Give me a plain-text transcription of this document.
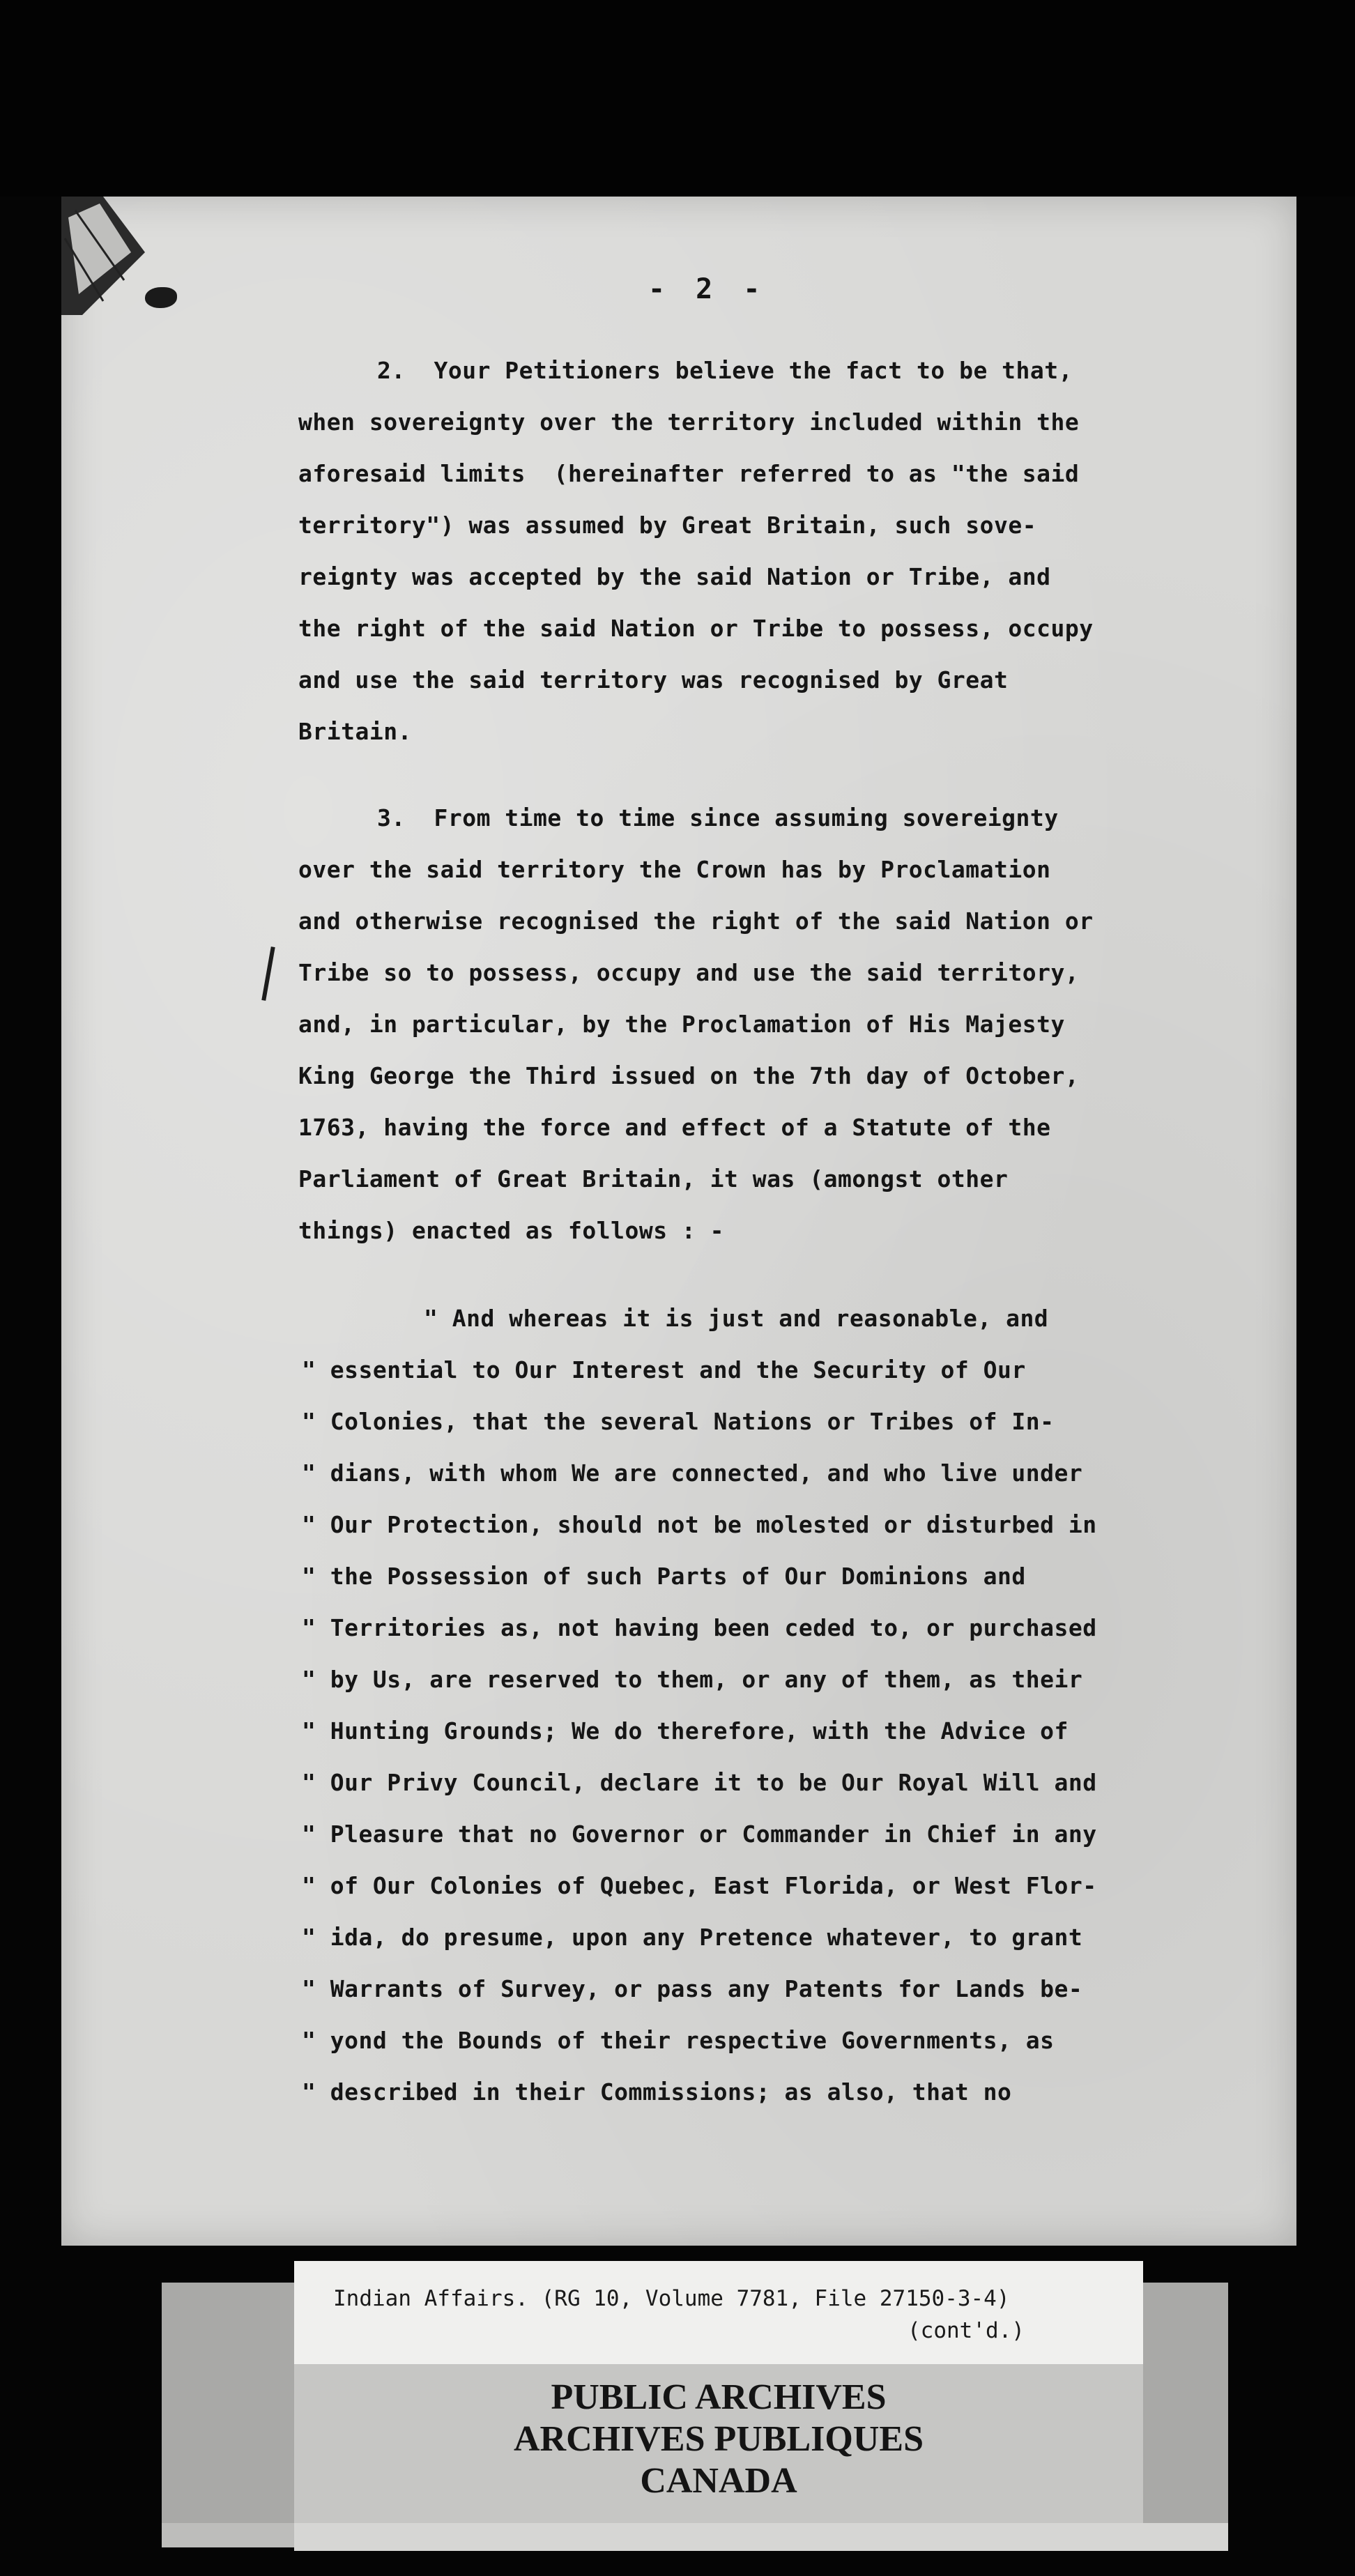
- 2 -
2.  Your Petitioners believe the fact to be that,
when sovereignty over the territory included within the
aforesaid limits  (hereinafter referred to as "the said
territory") was assumed by Great Britain, such sove-
reignty was accepted by the said Nation or Tribe, and
the right of the said Nation or Tribe to possess, occupy
and use the said territory was recognised by Great
Britain.
3.  From time to time since assuming sovereignty
over the said territory the Crown has by Proclamation
and otherwise recognised the right of the said Nation or
Tribe so to possess, occupy and use the said territory,
and, in particular, by the Proclamation of His Majesty
King George the Third issued on the 7th day of October,
1763, having the force and effect of a Statute of the
Parliament of Great Britain, it was (amongst other
things) enacted as follows : -
" And whereas it is just and reasonable, and
" essential to Our Interest and the Security of Our
" Colonies, that the several Nations or Tribes of In-
" dians, with whom We are connected, and who live under
" Our Protection, should not be molested or disturbed in
" the Possession of such Parts of Our Dominions and
" Territories as, not having been ceded to, or purchased
" by Us, are reserved to them, or any of them, as their
" Hunting Grounds; We do therefore, with the Advice of
" Our Privy Council, declare it to be Our Royal Will and
" Pleasure that no Governor or Commander in Chief in any
" of Our Colonies of Quebec, East Florida, or West Flor-
" ida, do presume, upon any Pretence whatever, to grant
" Warrants of Survey, or pass any Patents for Lands be-
" yond the Bounds of their respective Governments, as
" described in their Commissions; as also, that no
Indian Affairs. (RG 10, Volume 7781, File 27150-3-4)
(cont'd.)
PUBLIC ARCHIVES
ARCHIVES PUBLIQUES
CANADA
